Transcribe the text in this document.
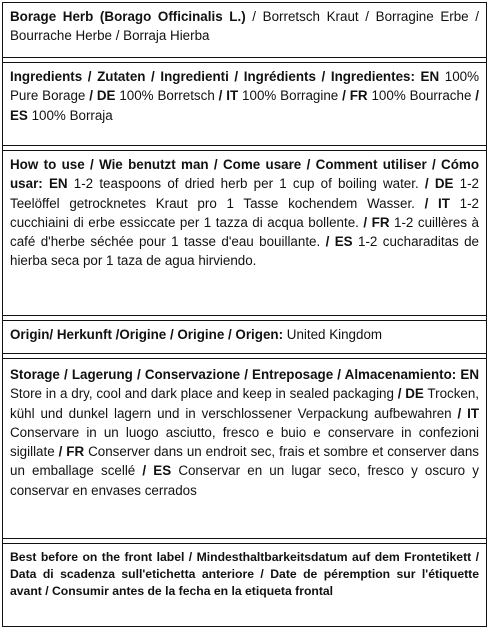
Borage Herb (Borago Officinalis L.) / Borretsch Kraut / Borragine Erbe / Bourrache Herbe / Borraja Hierba
Ingredients / Zutaten / Ingredienti / Ingrédients / Ingredientes: EN 100% Pure Borage / DE 100% Borretsch / IT 100% Borragine / FR 100% Bourrache / ES 100% Borraja
How to use / Wie benutzt man / Come usare / Comment utiliser / Cómo usar: EN 1-2 teaspoons of dried herb per 1 cup of boiling water. / DE 1-2 Teelöffel getrocknetes Kraut pro 1 Tasse kochendem Wasser. / IT 1-2 cucchiaini di erbe essiccate per 1 tazza di acqua bollente. / FR 1-2 cuillères à café d'herbe séchée pour 1 tasse d'eau bouillante. / ES 1-2 cucharaditas de hierba seca por 1 taza de agua hirviendo.
Origin/ Herkunft /Origine / Origine / Origen: United Kingdom
Storage / Lagerung / Conservazione / Entreposage / Almacenamiento: EN Store in a dry, cool and dark place and keep in sealed packaging / DE Trocken, kühl und dunkel lagern und in verschlossener Verpackung aufbewahren / IT Conservare in un luogo asciutto, fresco e buio e conservare in confezioni sigillate / FR Conserver dans un endroit sec, frais et sombre et conserver dans un emballage scellé / ES Conservar en un lugar seco, fresco y oscuro y conservar en envases cerrados
Best before on the front label / Mindesthaltbarkeitsdatum auf dem Frontetikett / Data di scadenza sull'etichetta anteriore / Date de péremption sur l'étiquette avant / Consumir antes de la fecha en la etiqueta frontal
